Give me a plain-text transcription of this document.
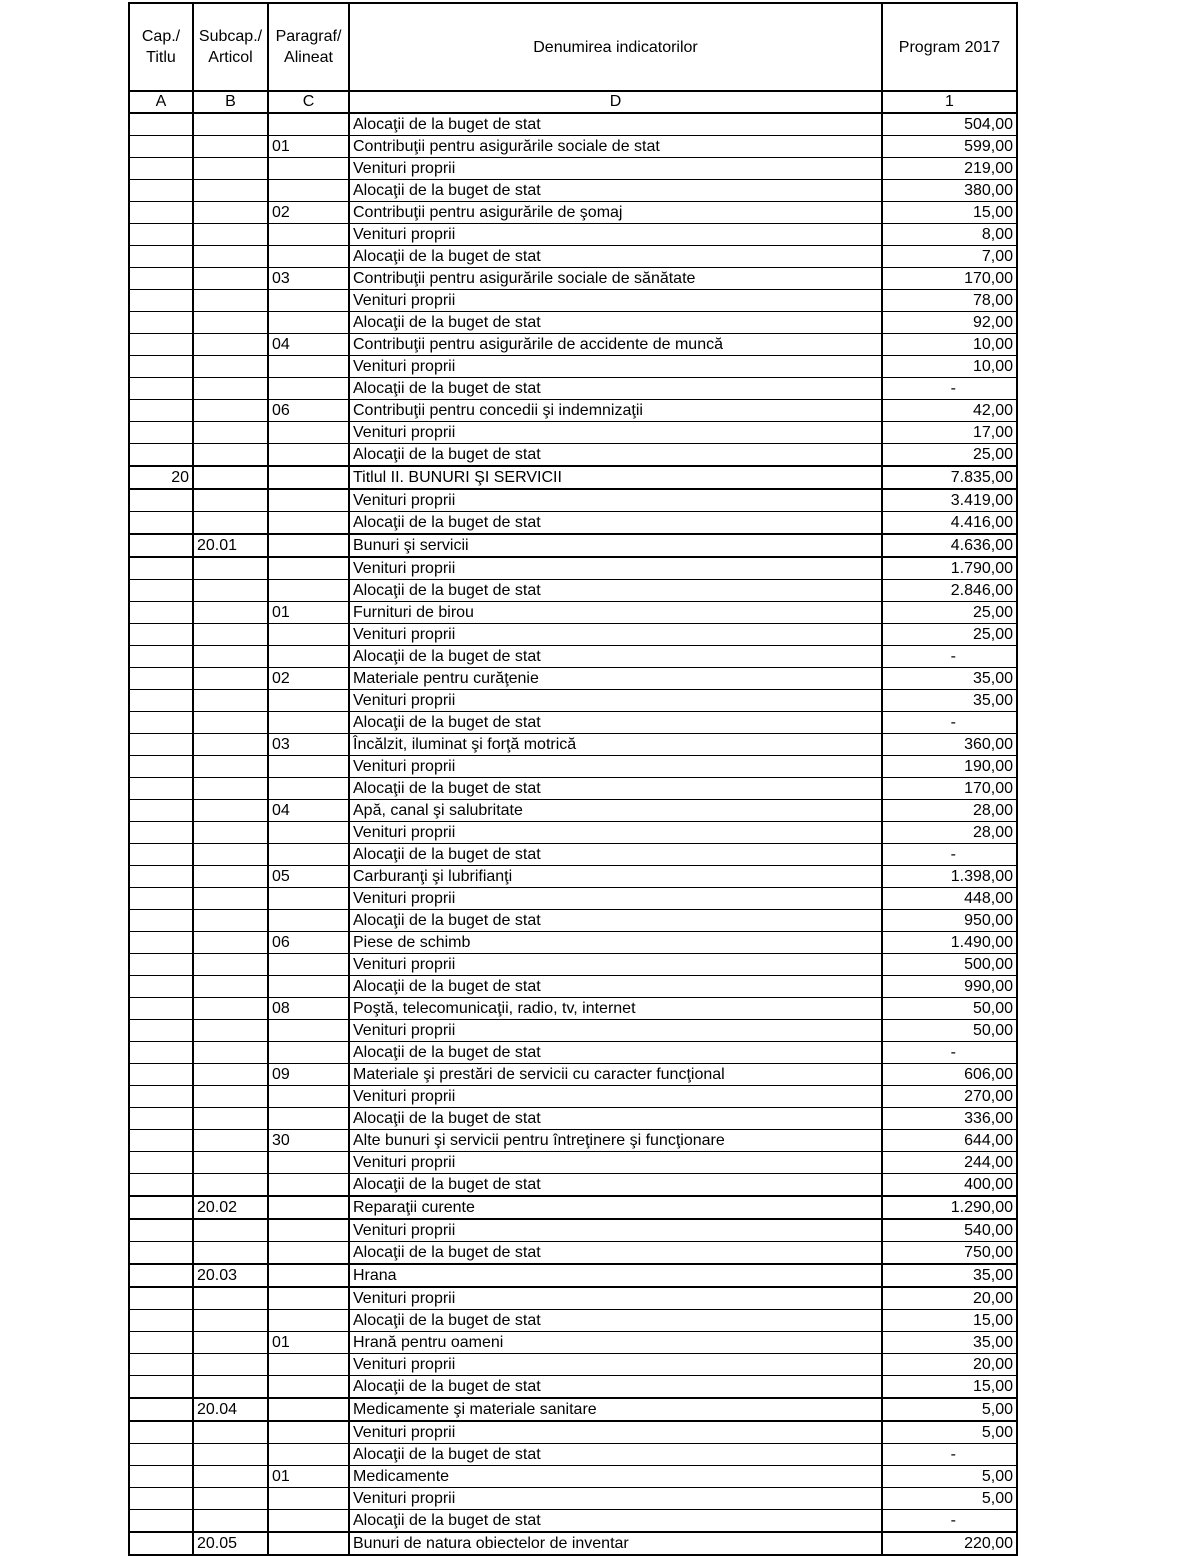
Cap./ Titlu	Subcap./ Articol	Paragraf/ Alineat	Denumirea indicatorilor	Program 2017
A	B	C	D	1
			Alocaţii de la buget de stat	504,00
		01	Contribuţii pentru asigurările sociale de stat	599,00
			Venituri proprii	219,00
			Alocaţii de la buget de stat	380,00
		02	Contribuţii pentru asigurările de şomaj	15,00
			Venituri proprii	8,00
			Alocaţii de la buget de stat	7,00
		03	Contribuţii pentru asigurările sociale de sănătate	170,00
			Venituri proprii	78,00
			Alocaţii de la buget de stat	92,00
		04	Contribuţii pentru asigurările de accidente de muncă	10,00
			Venituri proprii	10,00
			Alocaţii de la buget de stat	-
		06	Contribuţii pentru concedii şi indemnizaţii	42,00
			Venituri proprii	17,00
			Alocaţii de la buget de stat	25,00
20			Titlul II. BUNURI ŞI SERVICII	7.835,00
			Venituri proprii	3.419,00
			Alocaţii de la buget de stat	4.416,00
	20.01		Bunuri şi servicii	4.636,00
			Venituri proprii	1.790,00
			Alocaţii de la buget de stat	2.846,00
		01	Furnituri de birou	25,00
			Venituri proprii	25,00
			Alocaţii de la buget de stat	-
		02	Materiale pentru curăţenie	35,00
			Venituri proprii	35,00
			Alocaţii de la buget de stat	-
		03	Încălzit, iluminat şi forţă motrică	360,00
			Venituri proprii	190,00
			Alocaţii de la buget de stat	170,00
		04	Apă, canal şi salubritate	28,00
			Venituri proprii	28,00
			Alocaţii de la buget de stat	-
		05	Carburanţi şi lubrifianţi	1.398,00
			Venituri proprii	448,00
			Alocaţii de la buget de stat	950,00
		06	Piese de schimb	1.490,00
			Venituri proprii	500,00
			Alocaţii de la buget de stat	990,00
		08	Poştă, telecomunicaţii, radio, tv, internet	50,00
			Venituri proprii	50,00
			Alocaţii de la buget de stat	-
		09	Materiale şi prestări de servicii cu caracter funcţional	606,00
			Venituri proprii	270,00
			Alocaţii de la buget de stat	336,00
		30	Alte bunuri şi servicii pentru întreţinere şi funcţionare	644,00
			Venituri proprii	244,00
			Alocaţii de la buget de stat	400,00
	20.02		Reparaţii curente	1.290,00
			Venituri proprii	540,00
			Alocaţii de la buget de stat	750,00
	20.03		Hrana	35,00
			Venituri proprii	20,00
			Alocaţii de la buget de stat	15,00
		01	Hrană pentru oameni	35,00
			Venituri proprii	20,00
			Alocaţii de la buget de stat	15,00
	20.04		Medicamente şi materiale sanitare	5,00
			Venituri proprii	5,00
			Alocaţii de la buget de stat	-
		01	Medicamente	5,00
			Venituri proprii	5,00
			Alocaţii de la buget de stat	-
	20.05		Bunuri de natura obiectelor de inventar	220,00
